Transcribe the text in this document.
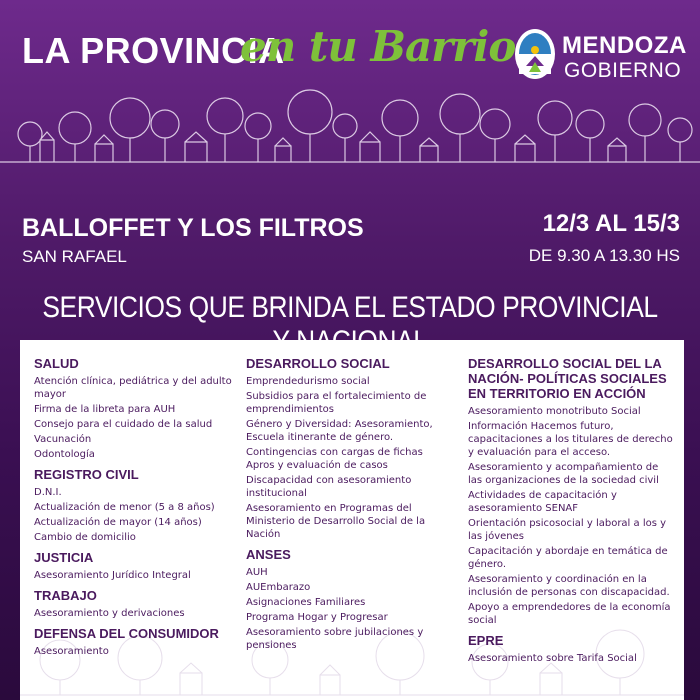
LA PROVINCIA
en tu Barrio MENDOZA
GOBIERNO
BALLOFFET Y LOS FILTROS
SAN RAFAEL
12/3 AL 15/3
DE 9.30 A 13.30 HS
SERVICIOS QUE BRINDA EL ESTADO PROVINCIAL
SALUD
Atención clínica, pediátrica y del adulto mayor
Firma de la libreta para AUH
Consejo para el cuidado de la salud
Vacunación
Odontología
REGISTRO CIVIL
D.N.I.
Actualización de menor (5 a 8 años)
Actualización de mayor (14 años)
Cambio de domicilio
JUSTICIA
Asesoramiento Jurídico Integral
TRABAJO
Asesoramiento y derivaciones
DEFENSA DEL CONSUMIDOR
Asesoramiento
DESARROLLO SOCIAL
Emprendedurismo social
Subsidios para el fortalecimiento de emprendimientos
Género y Diversidad: Asesoramiento, Escuela itinerante de género.
Contingencias con cargas de fichas Apros y evaluación de casos
Discapacidad con asesoramiento institucional
Asesoramiento en Programas del Ministerio de Desarrollo Social de la Nación
ANSES
AUH
AUEmbarazo
Asignaciones Familiares
Programa Hogar y Progresar
Asesoramiento sobre jubilaciones y pensiones
DESARROLLO SOCIAL DEL LA NACIÓN- POLÍTICAS SOCIALES EN TERRITORIO EN ACCIÓN
Asesoramiento monotributo Social
Información Hacemos futuro, capacitaciones a los titulares de derecho y evaluación para el acceso.
Asesoramiento y acompañamiento de las organizaciones de la sociedad civil
Actividades de capacitación y asesoramiento SENAF
Orientación psicosocial y laboral a los y las jóvenes
Capacitación y abordaje en temática de género.
Asesoramiento y coordinación en la inclusión de personas con discapacidad.
Apoyo a emprendedores de la economía social
EPRE
Asesoramiento sobre Tarifa Social
